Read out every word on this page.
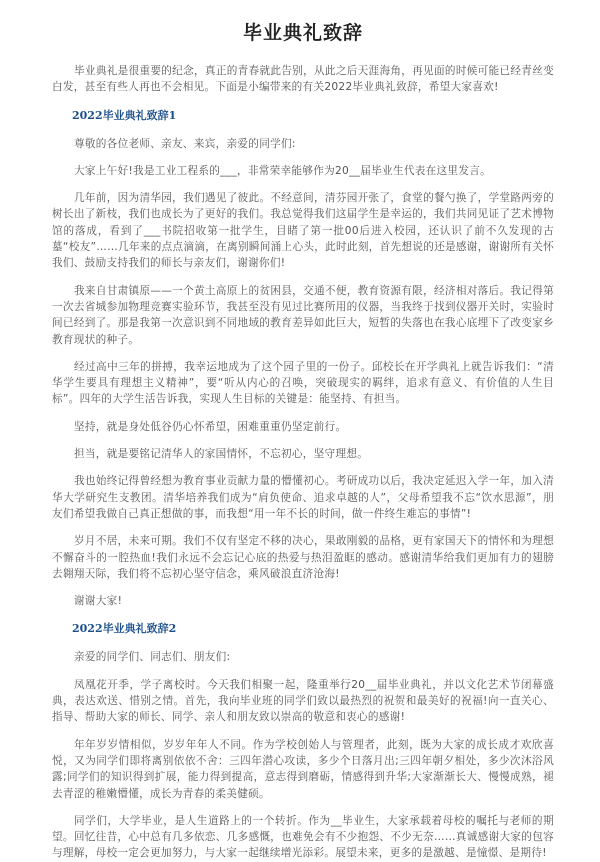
毕业典礼致辞

毕业典礼是很重要的纪念，真正的青春就此告别，从此之后天涯海角，再见面的时候可能已经青丝变白发，甚至有些人再也不会相见。下面是小编带来的有关2022毕业典礼致辞，希望大家喜欢!

2022毕业典礼致辞1

尊敬的各位老师、亲友、来宾，亲爱的同学们:

大家上午好!我是工业工程系的___，非常荣幸能够作为20__届毕业生代表在这里发言。

几年前，因为清华园，我们遇见了彼此。不经意间，清芬园开张了，食堂的餐勺换了，学堂路两旁的树长出了新枝，我们也成长为了更好的我们。我总觉得我们这届学生是幸运的，我们共同见证了艺术博物馆的落成，看到了___书院招收第一批学生，目睹了第一批00后进入校园，还认识了前不久发现的古墓“校友”……几年来的点点滴滴，在离别瞬间涌上心头，此时此刻，首先想说的还是感谢，谢谢所有关怀我们、鼓励支持我们的师长与亲友们，谢谢你们!

我来自甘肃镇原——一个黄土高原上的贫困县，交通不便，教育资源有限，经济相对落后。我记得第一次去省城参加物理竞赛实验环节，我甚至没有见过比赛所用的仪器，当我终于找到仪器开关时，实验时间已经到了。那是我第一次意识到不同地域的教育差异如此巨大，短暂的失落也在我心底埋下了改变家乡教育现状的种子。

经过高中三年的拼搏，我幸运地成为了这个园子里的一份子。邱校长在开学典礼上就告诉我们：“清华学生要具有理想主义精神”，要“听从内心的召唤，突破现实的羁绊，追求有意义、有价值的人生目标”。四年的大学生活告诉我，实现人生目标的关键是：能坚持、有担当。

坚持，就是身处低谷仍心怀希望，困难重重仍坚定前行。

担当，就是要铭记清华人的家国情怀，不忘初心，坚守理想。

我也始终记得曾经想为教育事业贡献力量的懵懂初心。考研成功以后，我决定延迟入学一年，加入清华大学研究生支教团。清华培养我们成为“肩负使命、追求卓越的人”，父母希望我不忘“饮水思源”，朋友们希望我做自己真正想做的事，而我想“用一年不长的时间，做一件终生难忘的事情”!

岁月不居，未来可期。我们不仅有坚定不移的决心，果敢刚毅的品格，更有家国天下的情怀和为理想不懈奋斗的一腔热血!我们永远不会忘记心底的热爱与热泪盈眶的感动。感谢清华给我们更加有力的翅膀去翱翔天际，我们将不忘初心坚守信念，乘风破浪直济沧海!

谢谢大家!

2022毕业典礼致辞2

亲爱的同学们、同志们、朋友们:

凤凰花开季，学子离校时。今天我们相聚一起，隆重举行20__届毕业典礼，并以文化艺术节闭幕盛典，表达欢送、惜别之情。首先，我向毕业班的同学们致以最热烈的祝贺和最美好的祝福!向一直关心、指导、帮助大家的师长、同学、亲人和朋友致以崇高的敬意和衷心的感谢!

年年岁岁情相似，岁岁年年人不同。作为学校创始人与管理者，此刻，既为大家的成长成才欢欣喜悦，又为同学们即将离别依依不舍：三四年潜心攻读，多少个日落月出;三四年朝夕相处，多少次沐浴风露;同学们的知识得到扩展，能力得到提高，意志得到磨砺，情感得到升华;大家渐渐长大、慢慢成熟，褪去青涩的稚嫩懵懂，成长为青春的柔美健硕。

同学们，大学毕业，是人生道路上的一个转折。作为__毕业生，大家承载着母校的嘱托与老师的期望。回忆往昔，心中总有几多依恋、几多感慨，也难免会有不少抱怨、不少无奈……真诚感谢大家的包容与理解，母校一定会更加努力，与大家一起继续增光添彩。展望未来，更多的是激越、是憧憬、是期待!
